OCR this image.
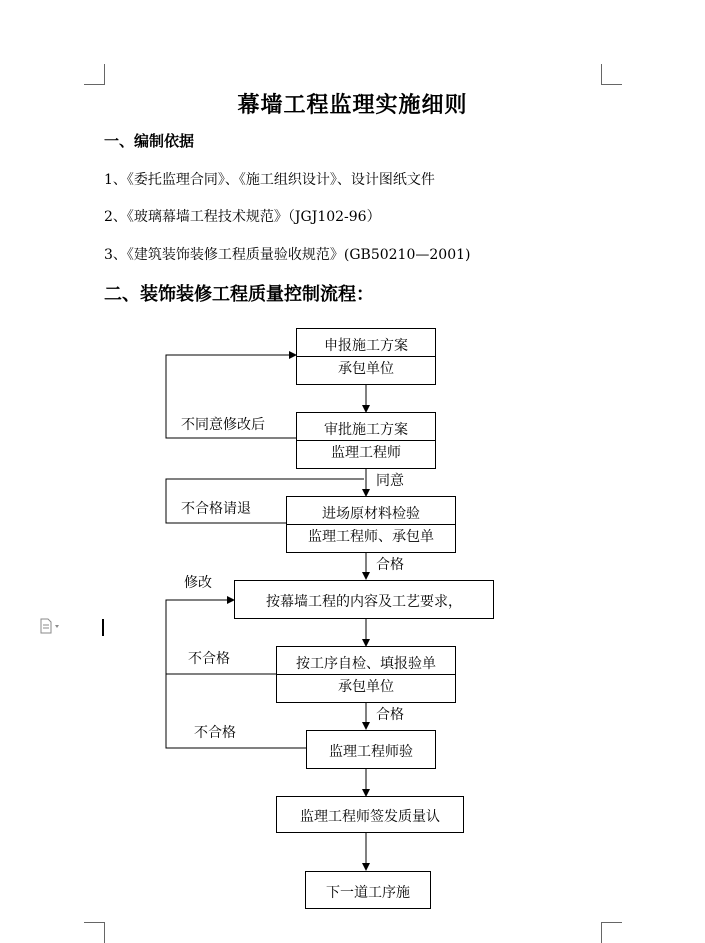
幕墙工程监理实施细则
一、编制依据
1、《委托监理合同》、《施工组织设计》、设计图纸文件
2、《玻璃幕墙工程技术规范》（JGJ102-96）
3、《建筑装饰装修工程质量验收规范》(GB50210—2001)
二、装饰装修工程质量控制流程：
申报施工方案
承包单位
审批施工方案
监理工程师
进场原材料检验
监理工程师、承包单
按幕墙工程的内容及工艺要求，
按工序自检、填报验单
承包单位
监理工程师验
监理工程师签发质量认
下一道工序施
不同意修改后
同意
不合格请退
合格
修改
不合格
合格
不合格
